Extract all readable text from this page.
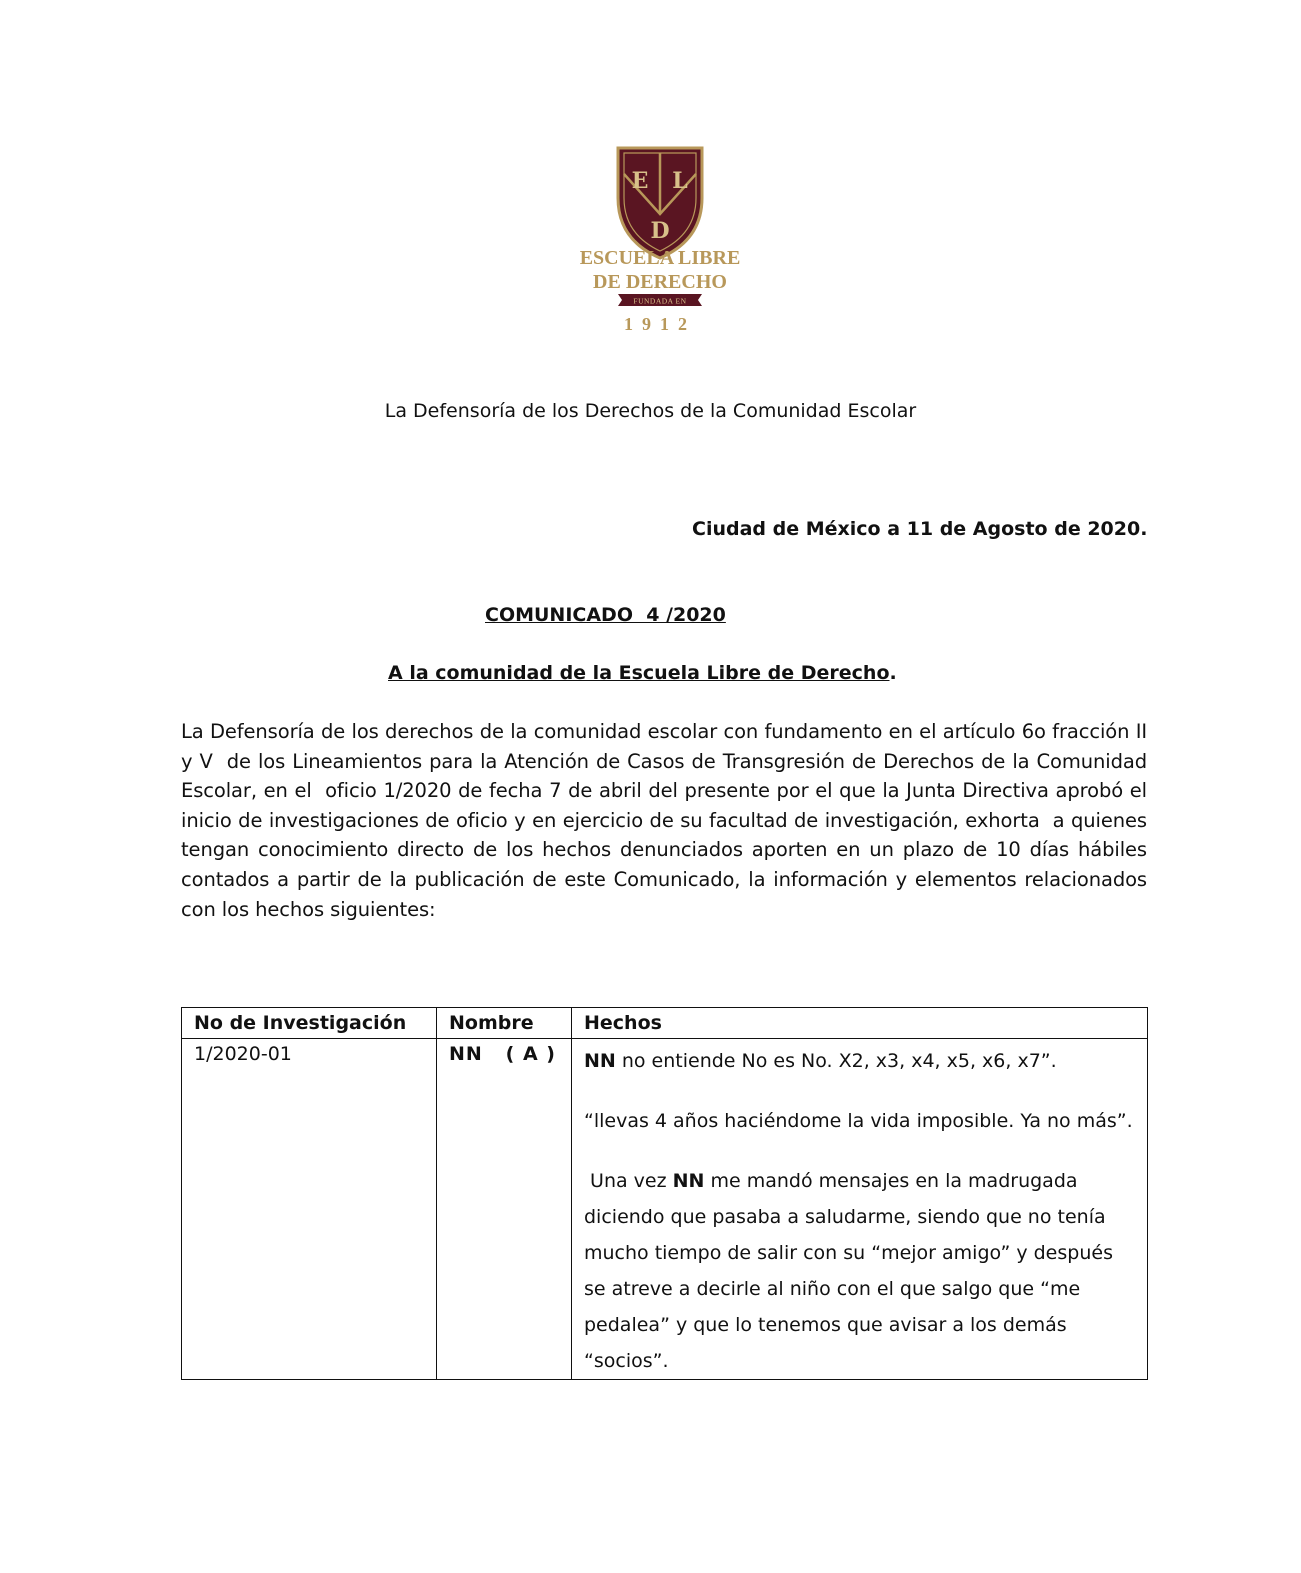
E L
D
ESCUELA LIBRE
DE DERECHO
FUNDADA EN
1912
La Defensoría de los Derechos de la Comunidad Escolar
Ciudad de México a 11 de Agosto de 2020.
COMUNICADO  4 /2020
A la comunidad de la Escuela Libre de Derecho.
La Defensoría de los derechos de la comunidad escolar con fundamento en el artículo 6o fracción II y V  de los Lineamientos para la Atención de Casos de Transgresión de Derechos de la Comunidad Escolar, en el  oficio 1/2020 de fecha 7 de abril del presente por el que la Junta Directiva aprobó el inicio de investigaciones de oficio y en ejercicio de su facultad de investigación, exhorta  a quienes tengan conocimiento directo de los hechos denunciados aporten en un plazo de 10 días hábiles contados a partir de la publicación de este Comunicado, la información y elementos relacionados con los hechos siguientes:
No de Investigación	Nombre	Hechos
1/2020-01	NN   ( A )	NN no entiende No es No. X2, x3, x4, x5, x6, x7”.

“llevas 4 años haciéndome la vida imposible. Ya no más”.

Una vez NN me mandó mensajes en la madrugada diciendo que pasaba a saludarme, siendo que no tenía mucho tiempo de salir con su “mejor amigo” y después se atreve a decirle al niño con el que salgo que “me pedalea” y que lo tenemos que avisar a los demás “socios”.
